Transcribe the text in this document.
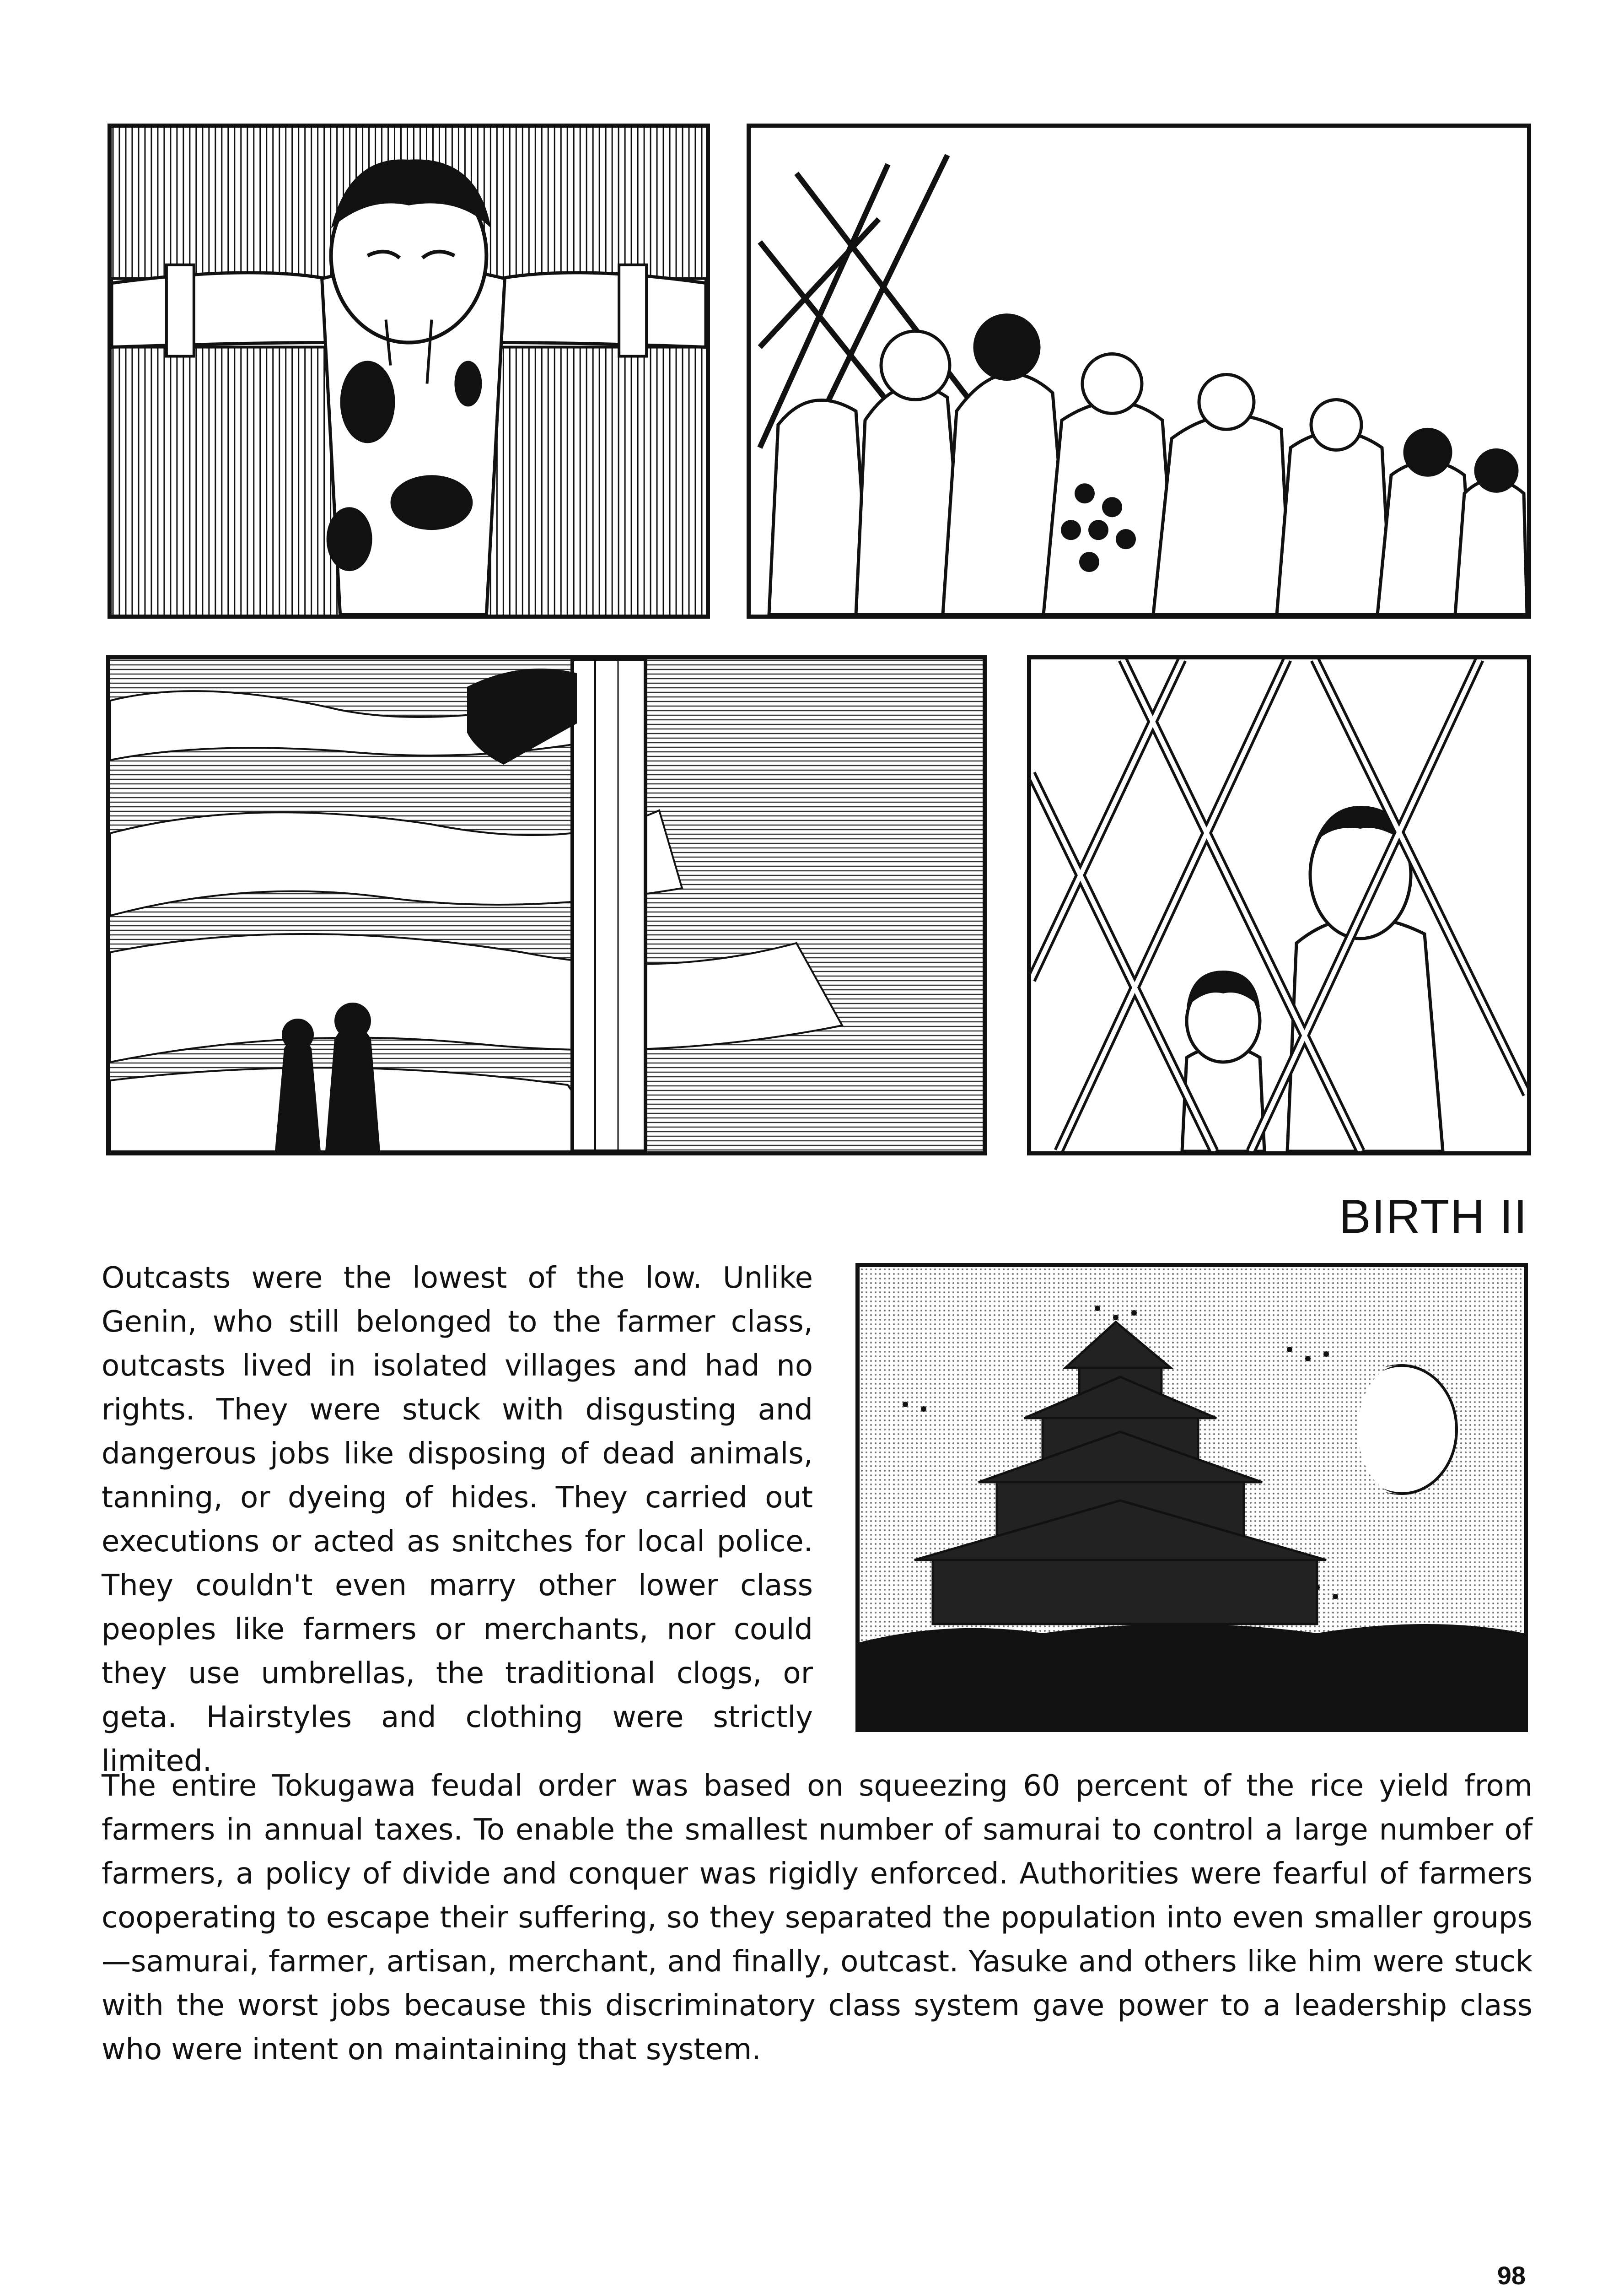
BIRTH II

Outcasts were the lowest of the low. Unlike Genin, who still belonged to the farmer class, outcasts lived in isolated villages and had no rights. They were stuck with disgusting and dangerous jobs like disposing of dead animals, tanning, or dyeing of hides. They carried out executions or acted as snitches for local police. They couldn't even marry other lower class peoples like farmers or merchants, nor could they use umbrellas, the traditional clogs, or geta. Hairstyles and clothing were strictly limited.

The entire Tokugawa feudal order was based on squeezing 60 percent of the rice yield from farmers in annual taxes. To enable the smallest number of samurai to control a large number of farmers, a policy of divide and conquer was rigidly enforced. Authorities were fearful of farmers cooperating to escape their suffering, so they separated the population into even smaller groups—samurai, farmer, artisan, merchant, and finally, outcast. Yasuke and others like him were stuck with the worst jobs because this discriminatory class system gave power to a leadership class who were intent on maintaining that system.

98
